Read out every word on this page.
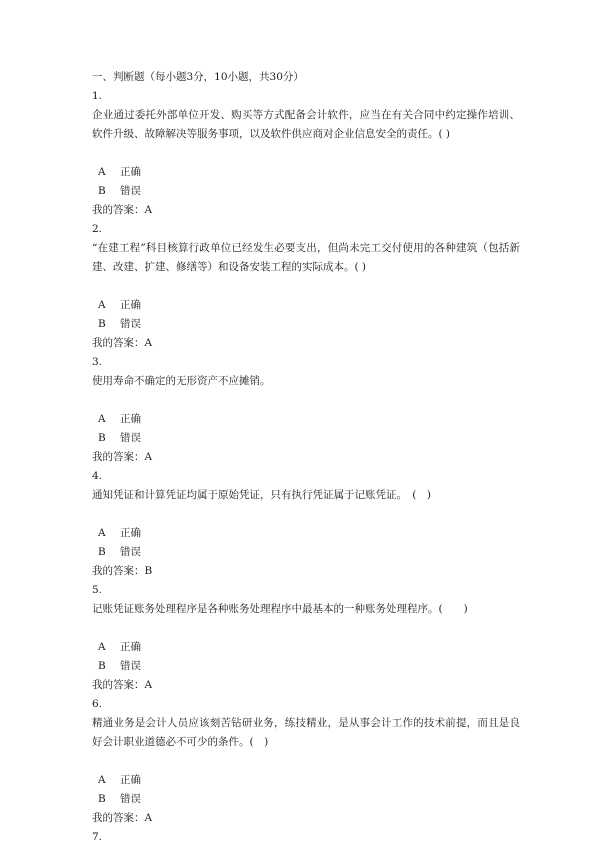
一、判断题（每小题3分，10小题，共30分）
1.
企业通过委托外部单位开发、购买等方式配备会计软件，应当在有关合同中约定操作培训、软件升级、故障解决等服务事项，以及软件供应商对企业信息安全的责任。( )
A 正确
B 错误
我的答案：A
2.
“在建工程”科目核算行政单位已经发生必要支出，但尚未完工交付使用的各种建筑（包括新建、改建、扩建、修缮等）和设备安装工程的实际成本。( )
A 正确
B 错误
我的答案：A
3.
使用寿命不确定的无形资产不应摊销。
A 正确
B 错误
我的答案：A
4.
通知凭证和计算凭证均属于原始凭证，只有执行凭证属于记账凭证。　(　)
A 正确
B 错误
我的答案：B
5.
记账凭证账务处理程序是各种账务处理程序中最基本的一种账务处理程序。(　　)
A 正确
B 错误
我的答案：A
6.
精通业务是会计人员应该刻苦钻研业务，练技精业，是从事会计工作的技术前提，而且是良好会计职业道德必不可少的条件。(　)
A 正确
B 错误
我的答案：A
7.
